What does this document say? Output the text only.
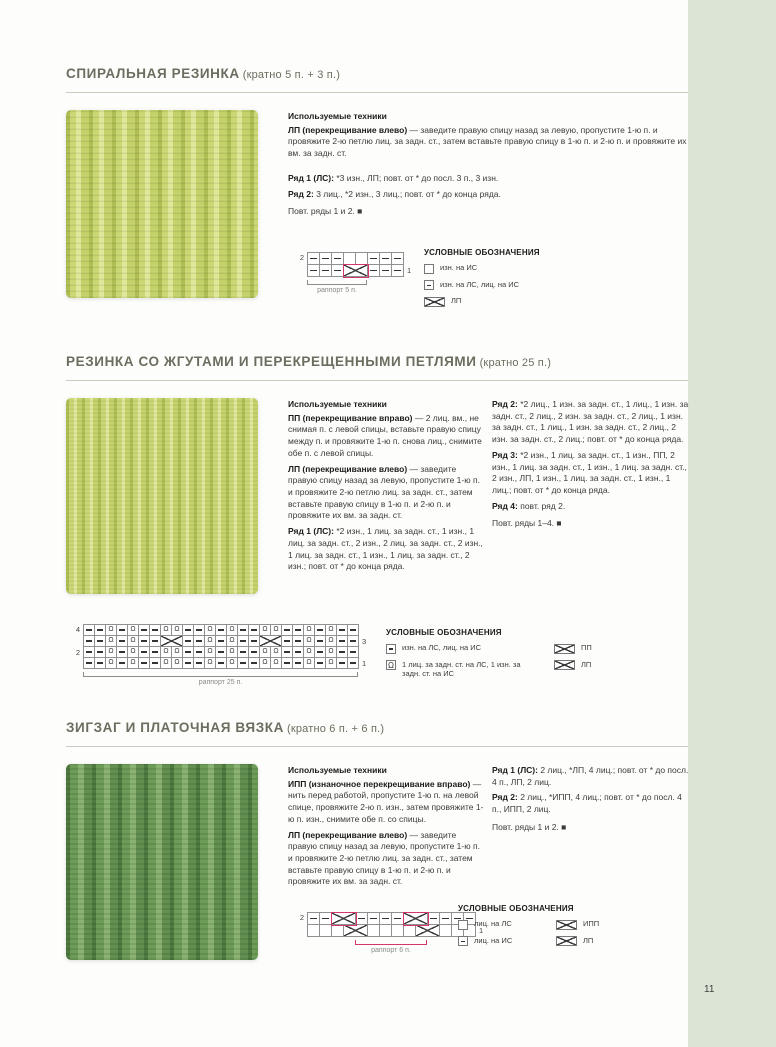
СПИРАЛЬНАЯ РЕЗИНКА (кратно 5 п. + 3 п.)
Используемые техники

ЛП (перекрещивание влево) — заведите правую спицу назад за левую, пропустите 1-ю п. и провяжите 2-ю петлю лиц. за задн. ст., затем вставьте правую спицу в 1-ю п. и 2-ю п. и провяжите их вм. за задн. ст.

Ряд 1 (ЛС): *3 изн., ЛП; повт. от * до посл. 3 п., 3 изн.

Ряд 2: 3 лиц., *2 изн., 3 лиц.; повт. от * до конца ряда.

Повт. ряды 1 и 2. ■

2
1
раппорт 5 п.
УСЛОВНЫЕ ОБОЗНАЧЕНИЯ
изн. на ИС
изн. на ЛС, лиц. на ИС
ЛП
РЕЗИНКА СО ЖГУТАМИ И ПЕРЕКРЕЩЕННЫМИ ПЕТЛЯМИ (кратно 25 п.)
Используемые техники

ПП (перекрещивание вправо) — 2 лиц. вм., не снимая п. с левой спицы, вставьте правую спицу между п. и провяжите 1-ю п. снова лиц., снимите обе п. с левой спицы.

ЛП (перекрещивание влево) — заведите правую спицу назад за левую, пропустите 1-ю п. и провяжите 2-ю петлю лиц. за задн. ст., затем вставьте правую спицу в 1-ю п. и 2-ю п. и провяжите их вм. за задн. ст.

Ряд 1 (ЛС): *2 изн., 1 лиц. за задн. ст., 1 изн., 1 лиц. за задн. ст., 2 изн., 2 лиц. за задн. ст., 2 изн., 1 лиц. за задн. ст., 1 изн., 1 лиц. за задн. ст., 2 изн.; повт. от * до конца ряда.

Ряд 2: *2 лиц., 1 изн. за задн. ст., 1 лиц., 1 изн. за задн. ст., 2 лиц., 2 изн. за задн. ст., 2 лиц., 1 изн. за задн. ст., 1 лиц., 1 изн. за задн. ст., 2 лиц., 2 изн. за задн. ст., 2 лиц.; повт. от * до конца ряда.

Ряд 3: *2 изн., 1 лиц. за задн. ст., 1 изн., ПП, 2 изн., 1 лиц. за задн. ст., 1 изн., 1 лиц. за задн. ст., 2 изн., ЛП, 1 изн., 1 лиц. за задн. ст., 1 изн., 1 лиц.; повт. от * до конца ряда.

Ряд 4: повт. ряд 2.

Повт. ряды 1–4. ■

4
Ω
Ω
Ω
Ω
Ω
Ω
Ω
Ω
Ω
Ω
Ω
Ω
Ω
Ω
Ω
Ω
3
2
Ω
Ω
Ω
Ω
Ω
Ω
Ω
Ω
Ω
Ω
Ω
Ω
Ω
Ω
Ω
Ω
Ω
Ω
Ω
Ω
1
раппорт 25 п.
УСЛОВНЫЕ ОБОЗНАЧЕНИЯ
изн. на ЛС, лиц. на ИС
Ω
1 лиц. за задн. ст. на ЛС, 1 изн. за задн. ст. на ИС
ПП
ЛП
ЗИГЗАГ И ПЛАТОЧНАЯ ВЯЗКА (кратно 6 п. + 6 п.)
Используемые техники

ИПП (изнаночное перекрещивание вправо) — нить перед работой, пропустите 1-ю п. на левой спице, провяжите 2-ю п. изн., затем провяжите 1-ю п. изн., снимите обе п. со спицы.

ЛП (перекрещивание влево) — заведите правую спицу назад за левую, пропустите 1-ю п. и провяжите 2-ю петлю лиц. за задн. ст., затем вставьте правую спицу в 1-ю п. и 2-ю п. и провяжите их вм. за задн. ст.

Ряд 1 (ЛС): 2 лиц., *ЛП, 4 лиц.; повт. от * до посл. 4 п., ЛП, 2 лиц.

Ряд 2: 2 лиц., *ИПП, 4 лиц.; повт. от * до посл. 4 п., ИПП, 2 лиц.

Повт. ряды 1 и 2. ■

2
1
раппорт 6 п.
УСЛОВНЫЕ ОБОЗНАЧЕНИЯ
лиц. на ЛС
лиц. на ИС
ИПП
ЛП
11
